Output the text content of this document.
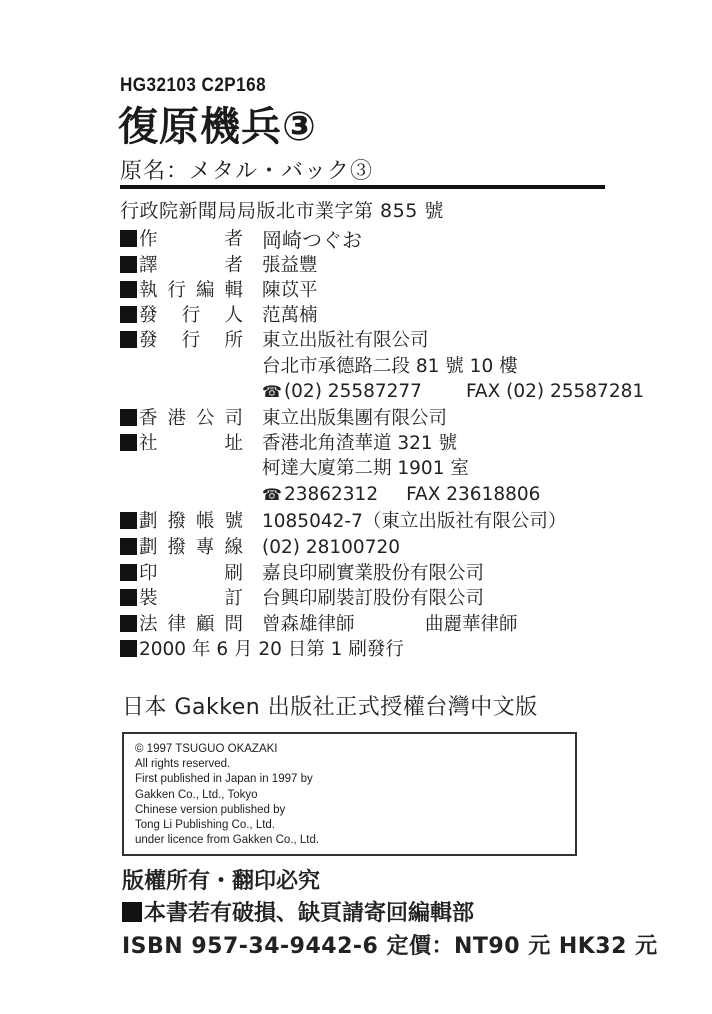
HG32103 C2P168
復原機兵③
原名：メタル・バック③
行政院新聞局局版北市業字第 855 號
作　　者 岡崎つぐお
譯　　者 張益豐
執行編輯 陳苡平
發 行 人 范萬楠
發 行 所 東立出版社有限公司
台北市承德路二段 81 號 10 樓
☎ (02) 25587277 FAX (02) 25587281
香港公司 東立出版集團有限公司
社　　址 香港北角渣華道 321 號
柯達大廈第二期 1901 室
☎ 23862312 FAX 23618806
劃撥帳號 1085042-7（東立出版社有限公司）
劃撥專線 (02) 28100720
印　　刷 嘉良印刷實業股份有限公司
裝　　訂 台興印刷裝訂股份有限公司
法律顧問 曾森雄律師	曲麗華律師
2000 年 6 月 20 日第 1 刷發行
日本 Gakken 出版社正式授權台灣中文版
© 1997 TSUGUO OKAZAKI
All rights reserved.
First published in Japan in 1997 by
Gakken Co., Ltd., Tokyo
Chinese version published by
Tong Li Publishing Co., Ltd.
under licence from Gakken Co., Ltd.
版權所有・翻印必究
本書若有破損、缺頁請寄回編輯部
ISBN 957-34-9442-6 定價：NT90 元 HK32 元
